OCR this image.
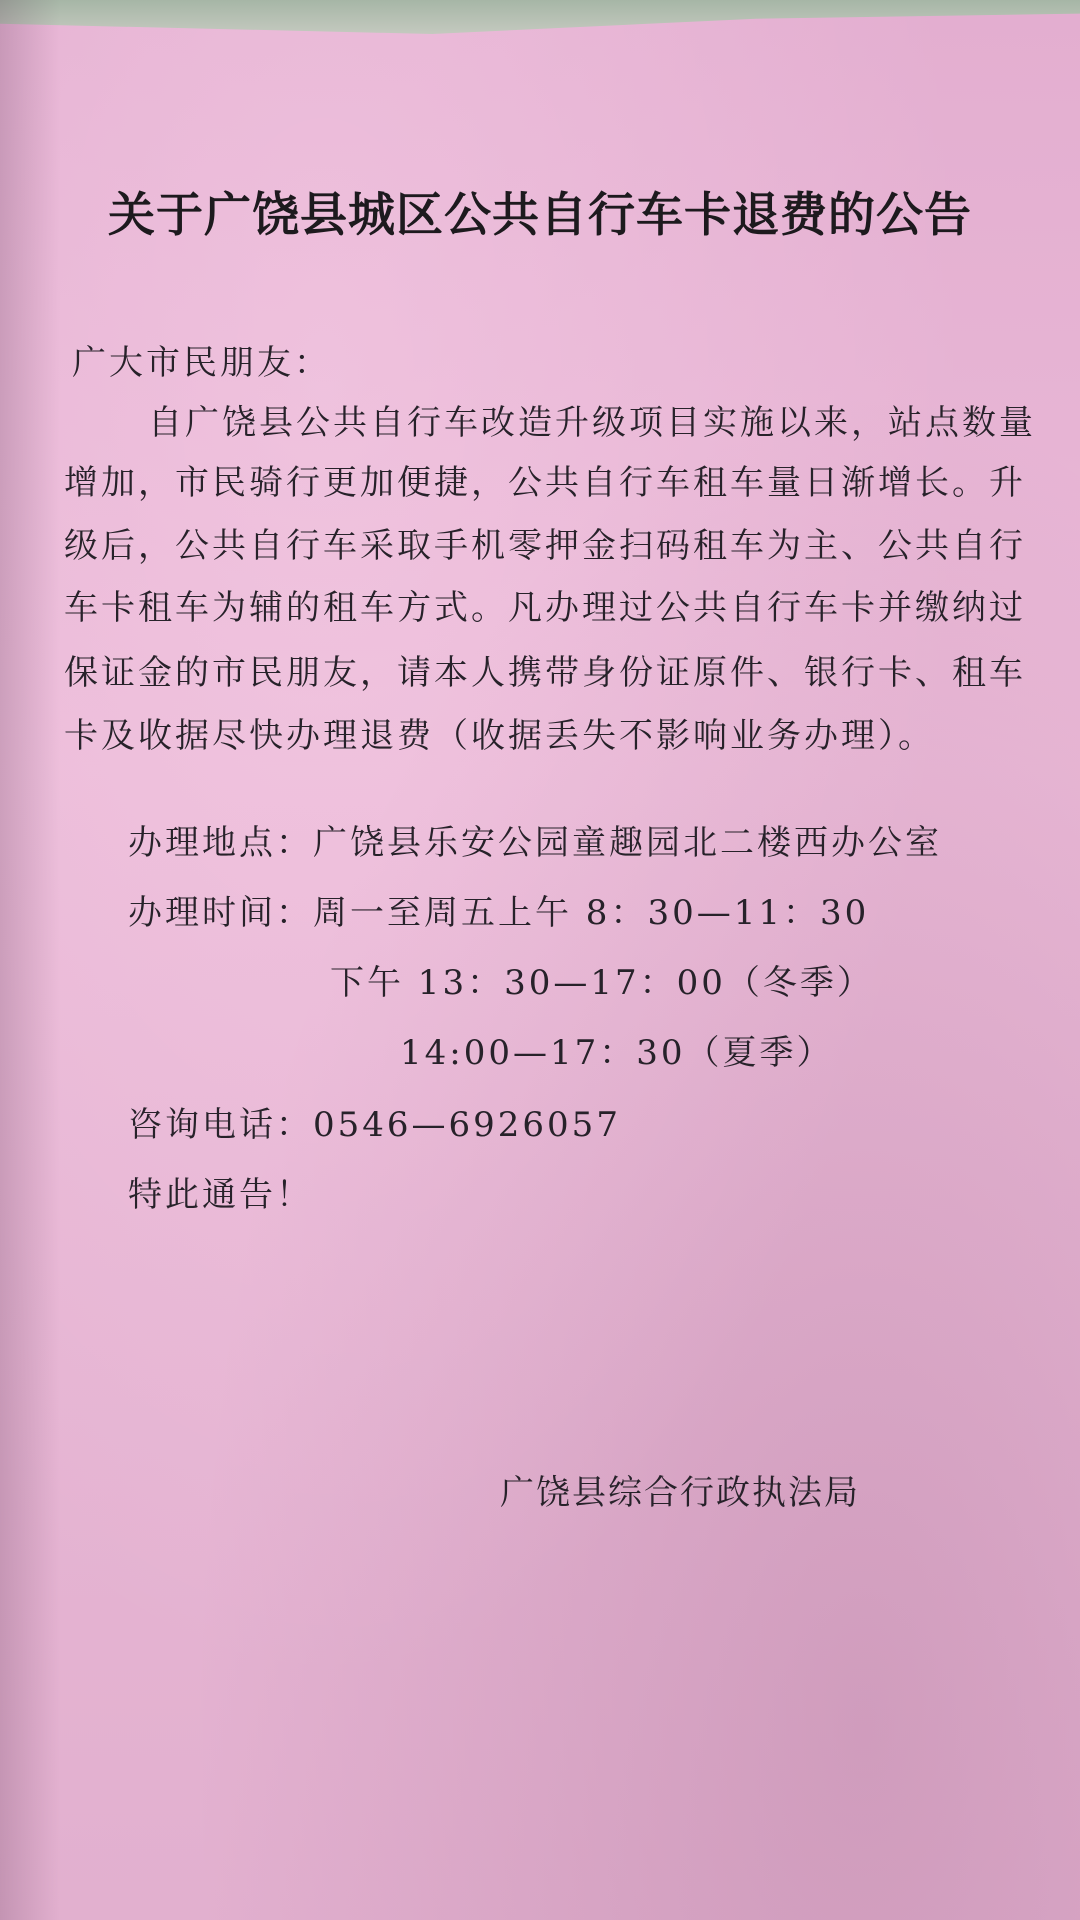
关于广饶县城区公共自行车卡退费的公告
广大市民朋友：
自广饶县公共自行车改造升级项目实施以来，站点数量
增加，市民骑行更加便捷，公共自行车租车量日渐增长。升
级后，公共自行车采取手机零押金扫码租车为主、公共自行
车卡租车为辅的租车方式。凡办理过公共自行车卡并缴纳过
保证金的市民朋友，请本人携带身份证原件、银行卡、租车
卡及收据尽快办理退费（收据丢失不影响业务办理）。
办理地点：广饶县乐安公园童趣园北二楼西办公室
办理时间：周一至周五上午 8：30—11：30
下午 13：30—17：00（冬季）
14:00—17：30（夏季）
咨询电话：0546—6926057
特此通告！
广饶县综合行政执法局
